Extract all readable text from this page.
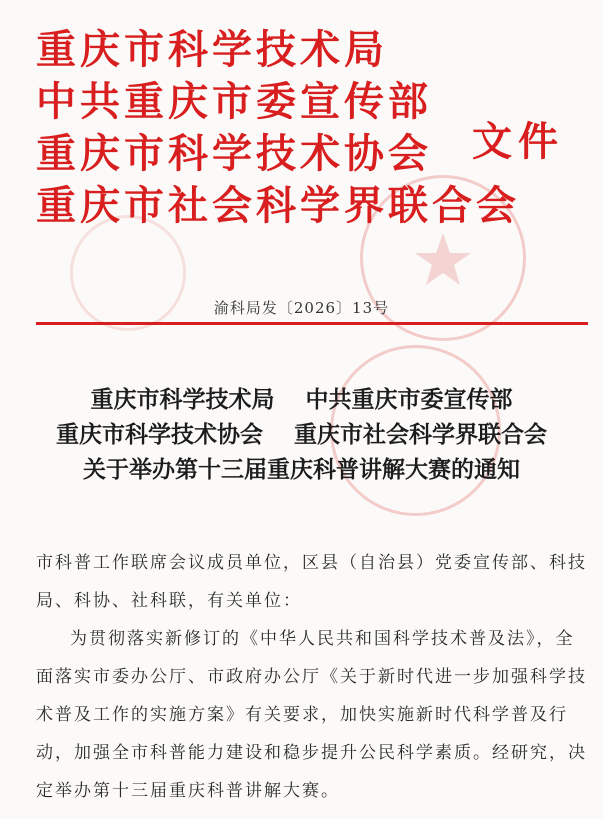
重庆市科学技术局
中共重庆市委宣传部
重庆市科学技术协会
重庆市社会科学界联合会
文件
渝科局发〔2026〕13号
重庆市科学技术局　 中共重庆市委宣传部
重庆市科学技术协会　 重庆市社会科学界联合会
关于举办第十三届重庆科普讲解大赛的通知

市科普工作联席会议成员单位，区县（自治县）党委宣传部、科技局、科协、社科联，有关单位：

为贯彻落实新修订的《中华人民共和国科学技术普及法》，全面落实市委办公厅、市政府办公厅《关于新时代进一步加强科学技术普及工作的实施方案》有关要求，加快实施新时代科学普及行动，加强全市科普能力建设和稳步提升公民科学素质。经研究，决定举办第十三届重庆科普讲解大赛。
